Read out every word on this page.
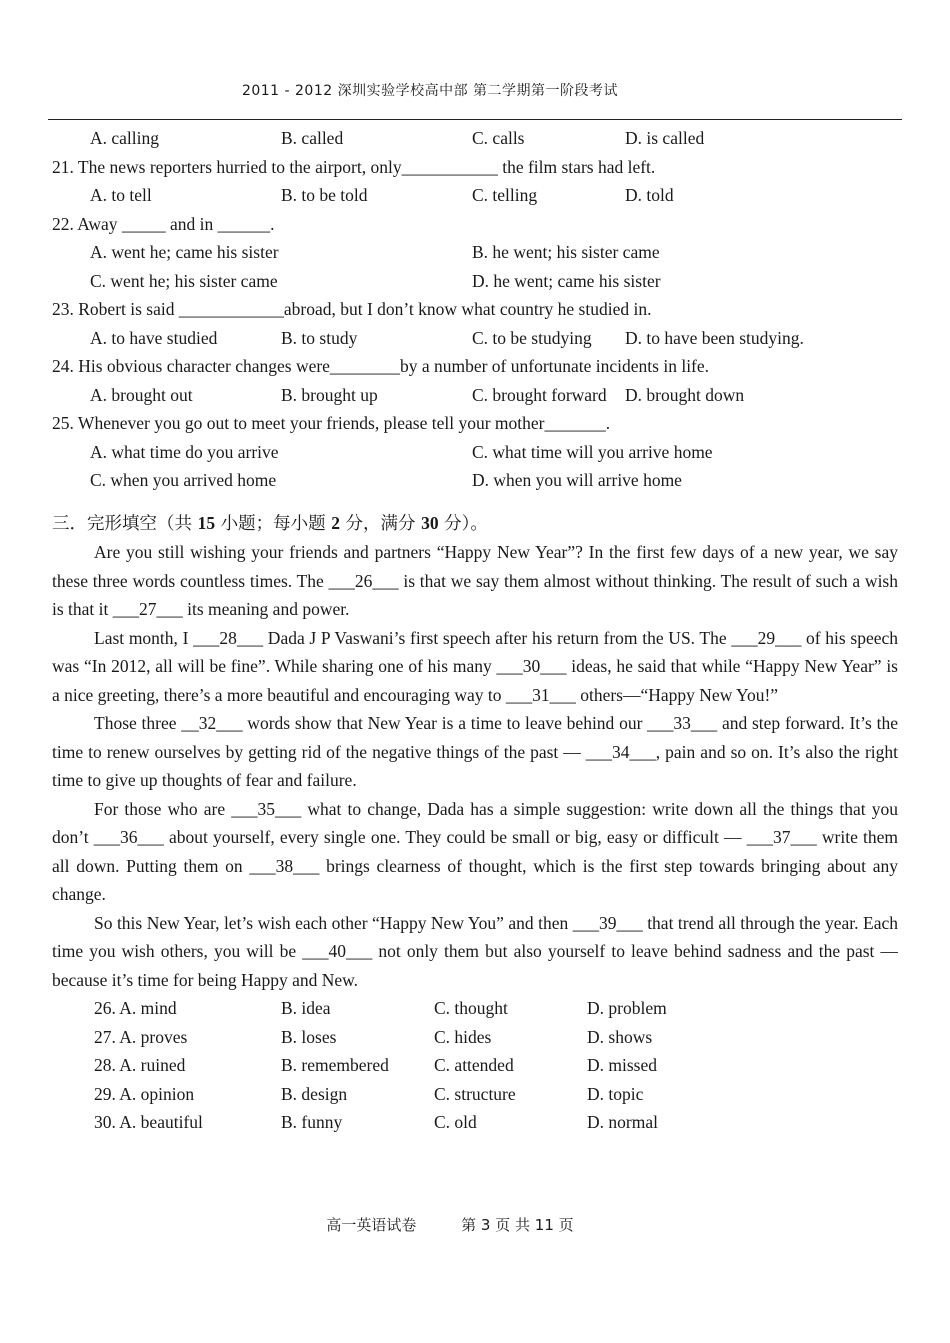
2011 - 2012 深圳实验学校高中部 第二学期第一阶段考试
A. calling	B. called	C. calls	D. is called
21. The news reporters hurried to the airport, only___________ the film stars had left.
A. to tell	B. to be told	C. telling	D. told
22. Away _____ and in ______.
A. went he; came his sister	B. he went; his sister came
C. went he; his sister came	D. he went; came his sister
23. Robert is said ____________abroad, but I don’t know what country he studied in.
A. to have studied	B. to study	C. to be studying D. to have been studying.
24. His obvious character changes were________by a number of unfortunate incidents in life.
A. brought out	B. brought up	C. brought forward D. brought down
25. Whenever you go out to meet your friends, please tell your mother_______.
A. what time do you arrive	C. what time will you arrive home
C. when you arrived home	D. when you will arrive home
三．完形填空（共 15 小题；每小题 2 分，满分 30 分）。

Are you still wishing your friends and partners “Happy New Year”? In the first few days of a new year, we say these three words countless times. The ___26___ is that we say them almost without thinking. The result of such a wish is that it ___27___ its meaning and power.

Last month, I ___28___ Dada J P Vaswani’s first speech after his return from the US. The ___29___ of his speech was “In 2012, all will be fine”. While sharing one of his many ___30___ ideas, he said that while “Happy New Year” is a nice greeting, there’s a more beautiful and encouraging way to ___31___ others—“Happy New You!”

Those three __32___ words show that New Year is a time to leave behind our ___33___ and step forward. It’s the time to renew ourselves by getting rid of the negative things of the past — ___34___, pain and so on. It’s also the right time to give up thoughts of fear and failure.

For those who are ___35___ what to change, Dada has a simple suggestion: write down all the things that you don’t ___36___ about yourself, every single one. They could be small or big, easy or difficult — ___37___ write them all down. Putting them on ___38___ brings clearness of thought, which is the first step towards bringing about any change.

So this New Year, let’s wish each other “Happy New You” and then ___39___ that trend all through the year. Each time you wish others, you will be ___40___ not only them but also yourself to leave behind sadness and the past — because it’s time for being Happy and New.

26. A. mind	B. idea	C. thought	D. problem
27. A. proves	B. loses	C. hides	D. shows
28. A. ruined	B. remembered	C. attended	D. missed
29. A. opinion	B. design	C. structure	D. topic
30. A. beautiful	B. funny	C. old	D. normal
高一英语试卷	第 3 页 共 11 页
